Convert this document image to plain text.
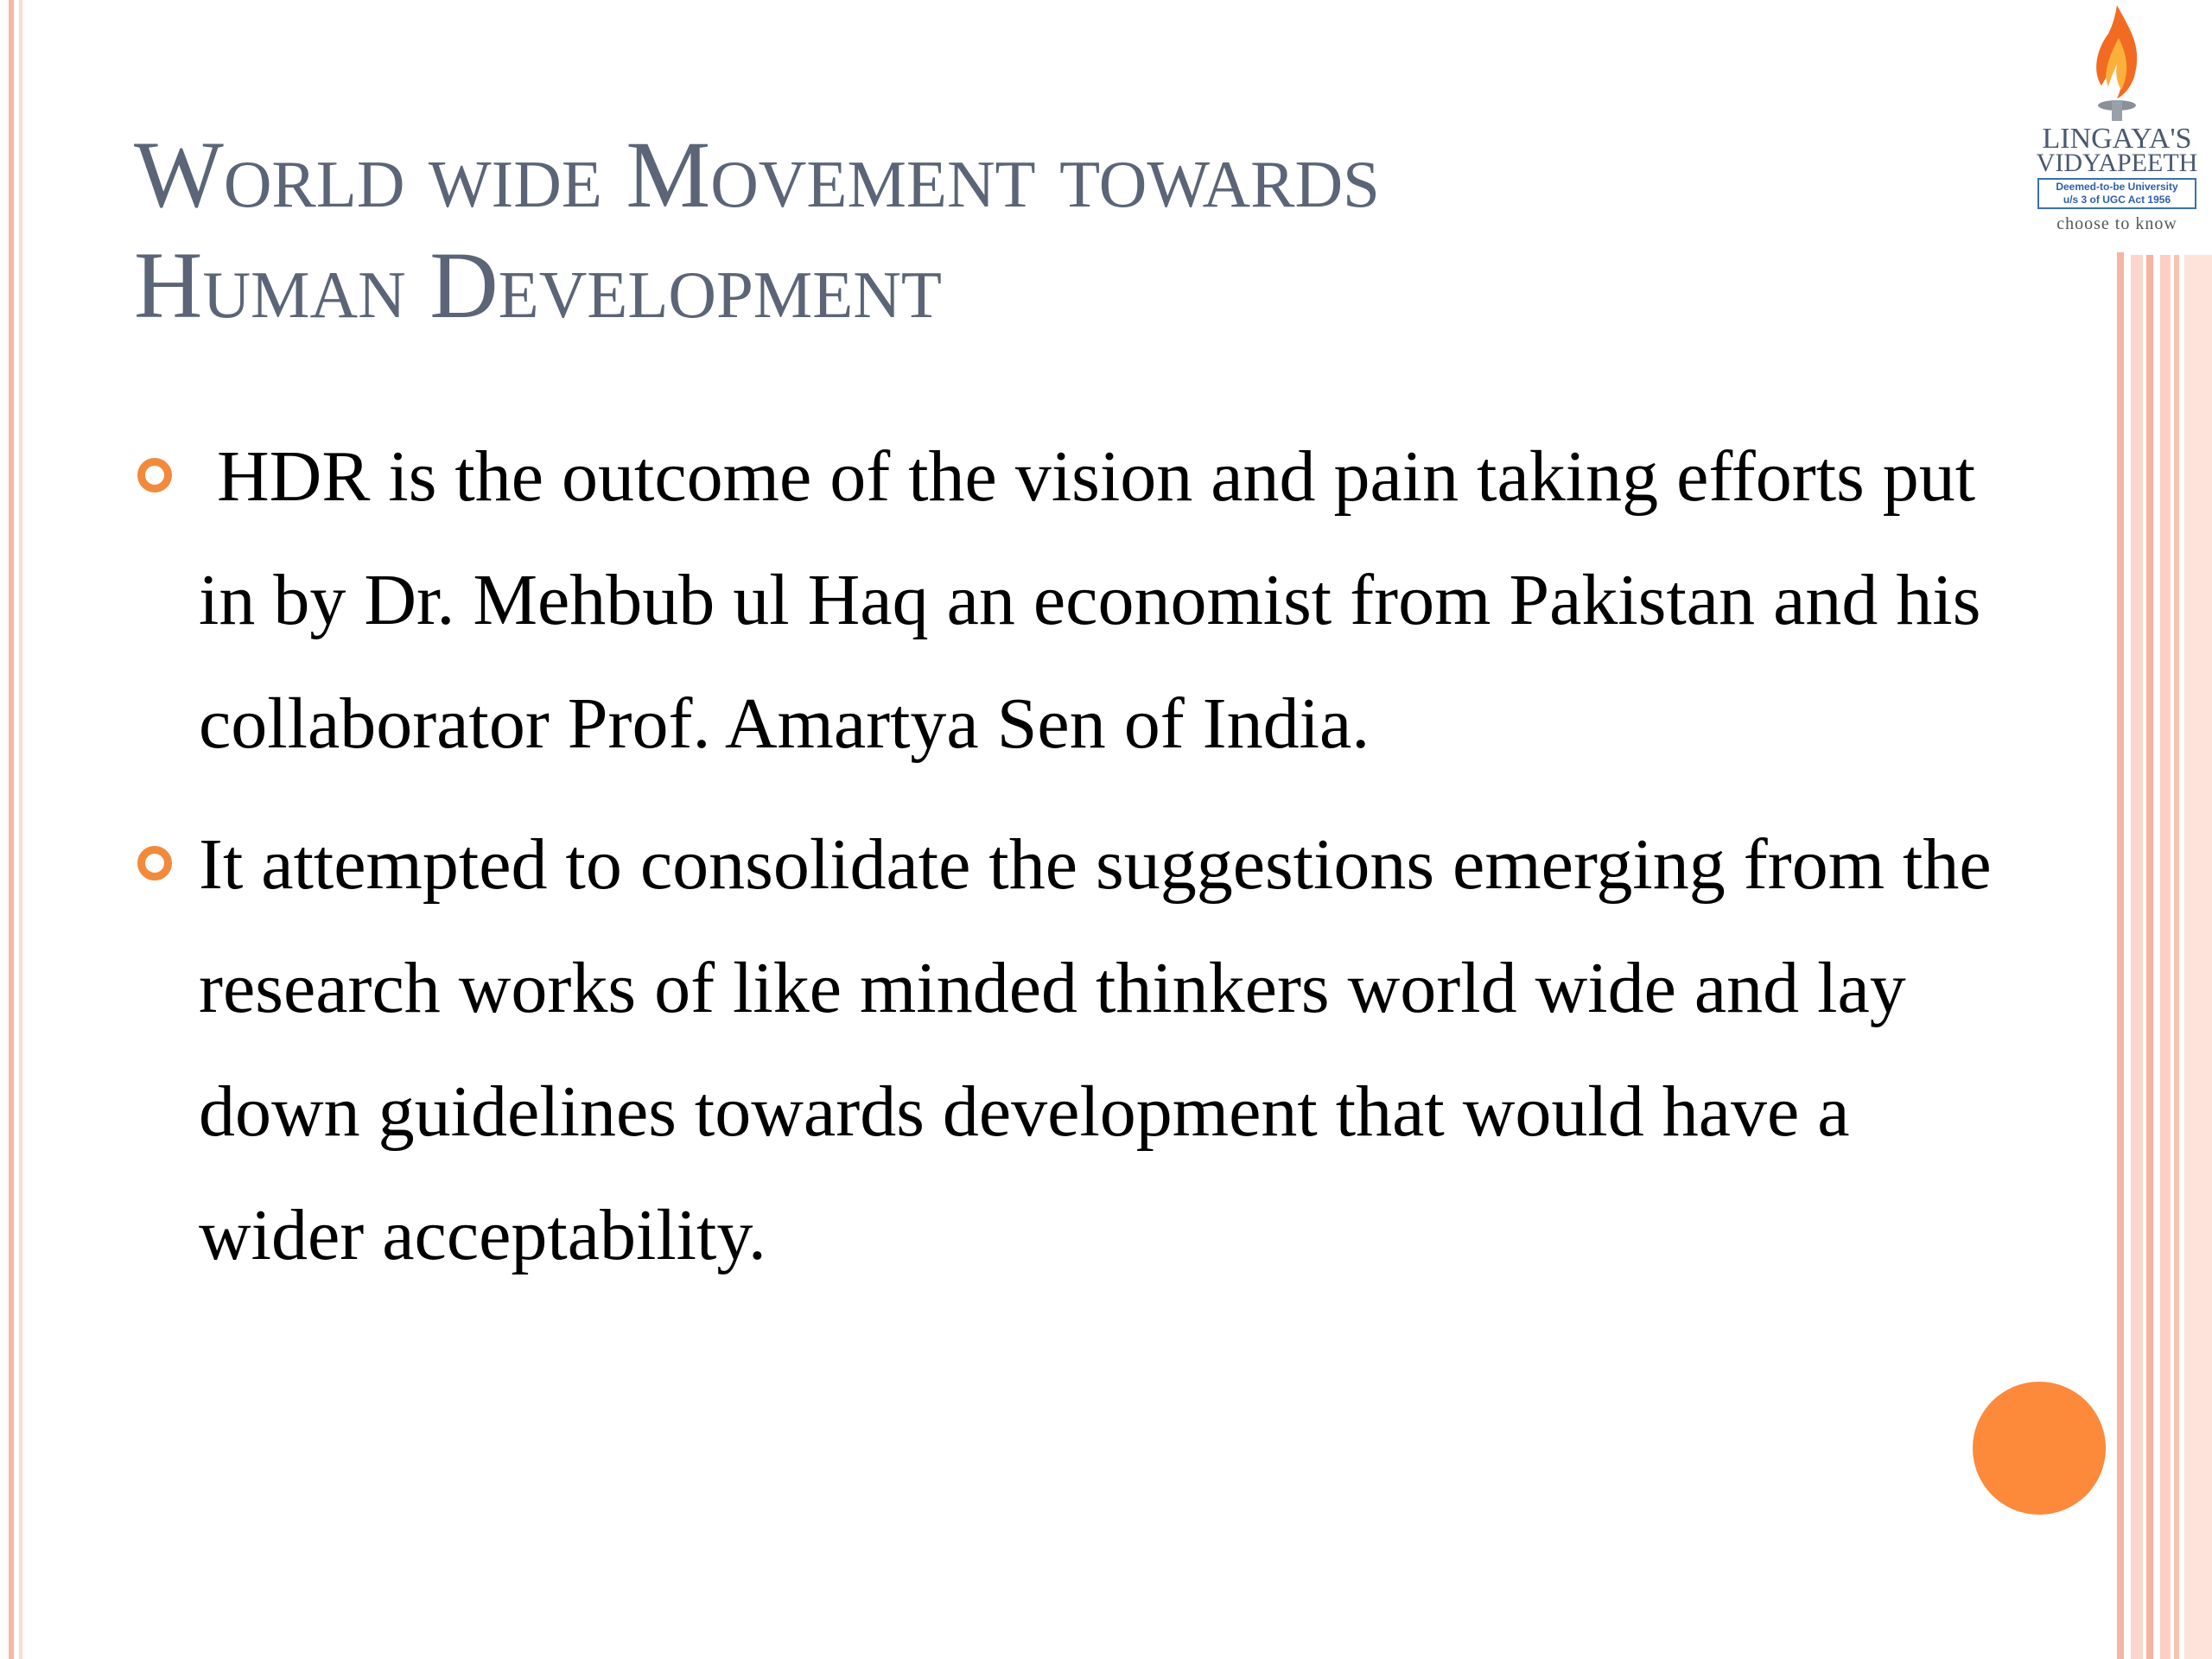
LINGAYA'S
VIDYAPEETH
Deemed-to-be University
u/s 3 of UGC Act 1956
choose to know
World wide Movement towards
Human Development
HDR is the outcome of the vision and pain taking efforts put in by Dr. Mehbub ul Haq an economist from Pakistan and his collaborator Prof. Amartya Sen of India.
It attempted to consolidate the suggestions emerging from the research works of like minded thinkers world wide and lay down guidelines towards development that would have a wider acceptability.
